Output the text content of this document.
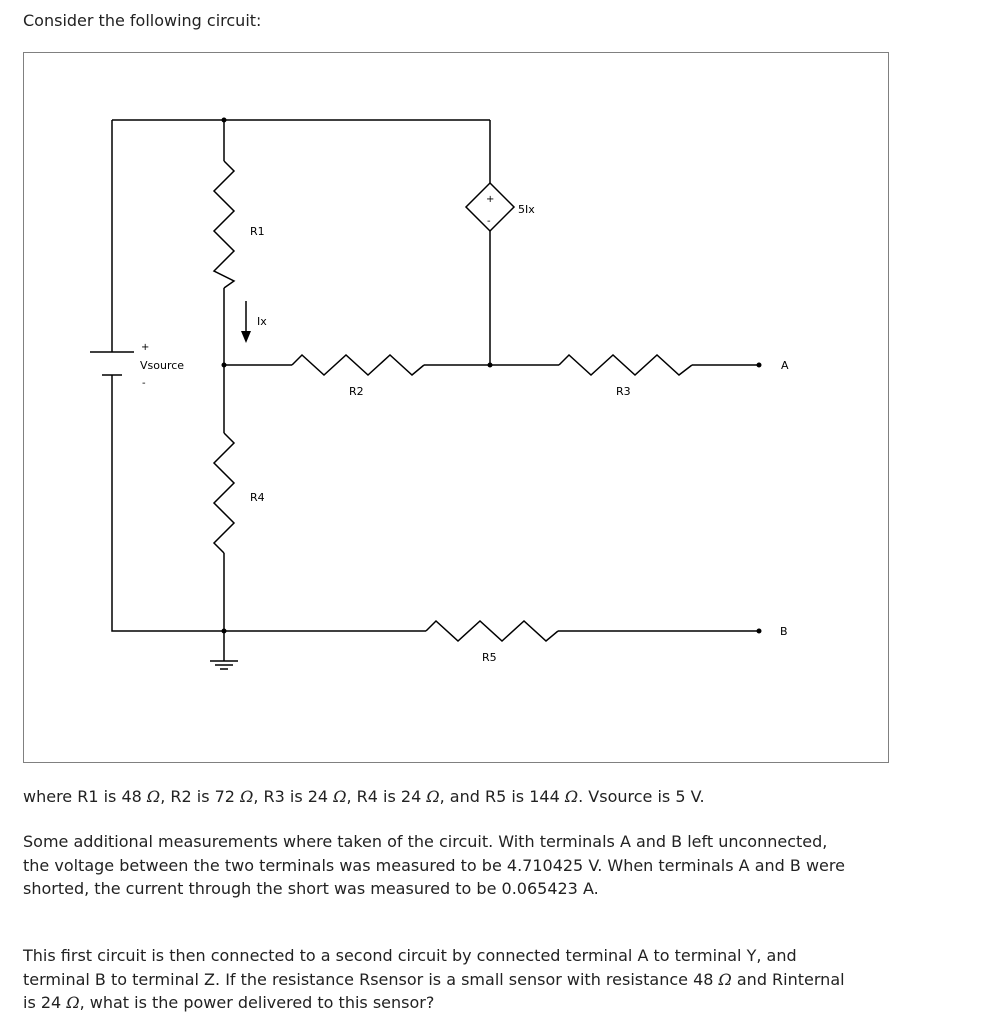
Consider the following circuit:

+
Vsource
-
R1
Ix
R2	R3
R4
R5
5Ix
+
-
A
B

where R1 is 48 Ω, R2 is 72 Ω, R3 is 24 Ω, R4 is 24 Ω, and R5 is 144 Ω. Vsource is 5 V.

Some additional measurements where taken of the circuit. With terminals A and B left unconnected, the voltage between the two terminals was measured to be 4.710425 V. When terminals A and B were shorted, the current through the short was measured to be 0.065423 A.

This first circuit is then connected to a second circuit by connected terminal A to terminal Y, and terminal B to terminal Z. If the resistance Rsensor is a small sensor with resistance 48 Ω and Rinternal is 24 Ω, what is the power delivered to this sensor?
